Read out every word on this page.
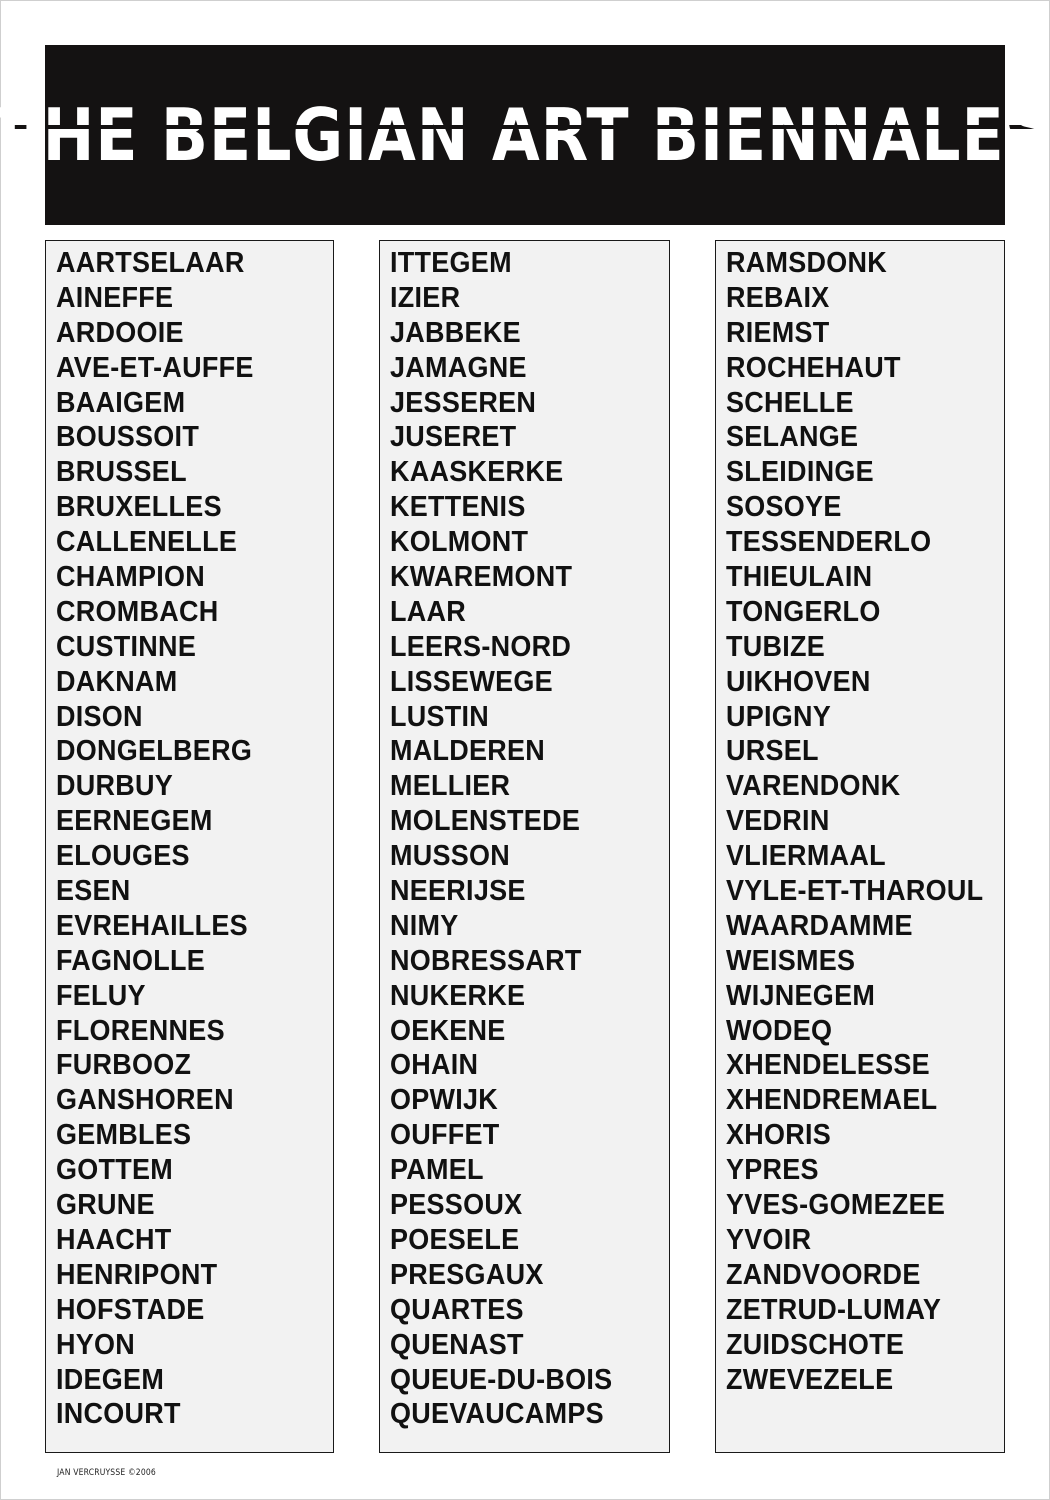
THE BELGIAN ART BIENNALES
AARTSELAAR
AINEFFE
ARDOOIE
AVE-ET-AUFFE
BAAIGEM
BOUSSOIT
BRUSSEL
BRUXELLES
CALLENELLE
CHAMPION
CROMBACH
CUSTINNE
DAKNAM
DISON
DONGELBERG
DURBUY
EERNEGEM
ELOUGES
ESEN
EVREHAILLES
FAGNOLLE
FELUY
FLORENNES
FURBOOZ
GANSHOREN
GEMBLES
GOTTEM
GRUNE
HAACHT
HENRIPONT
HOFSTADE
HYON
IDEGEM
INCOURT
ITTEGEM
IZIER
JABBEKE
JAMAGNE
JESSEREN
JUSERET
KAASKERKE
KETTENIS
KOLMONT
KWAREMONT
LAAR
LEERS-NORD
LISSEWEGE
LUSTIN
MALDEREN
MELLIER
MOLENSTEDE
MUSSON
NEERIJSE
NIMY
NOBRESSART
NUKERKE
OEKENE
OHAIN
OPWIJK
OUFFET
PAMEL
PESSOUX
POESELE
PRESGAUX
QUARTES
QUENAST
QUEUE-DU-BOIS
QUEVAUCAMPS
RAMSDONK
REBAIX
RIEMST
ROCHEHAUT
SCHELLE
SELANGE
SLEIDINGE
SOSOYE
TESSENDERLO
THIEULAIN
TONGERLO
TUBIZE
UIKHOVEN
UPIGNY
URSEL
VARENDONK
VEDRIN
VLIERMAAL
VYLE-ET-THAROUL
WAARDAMME
WEISMES
WIJNEGEM
WODEQ
XHENDELESSE
XHENDREMAEL
XHORIS
YPRES
YVES-GOMEZEE
YVOIR
ZANDVOORDE
ZETRUD-LUMAY
ZUIDSCHOTE
ZWEVEZELE
JAN VERCRUYSSE ©2006
